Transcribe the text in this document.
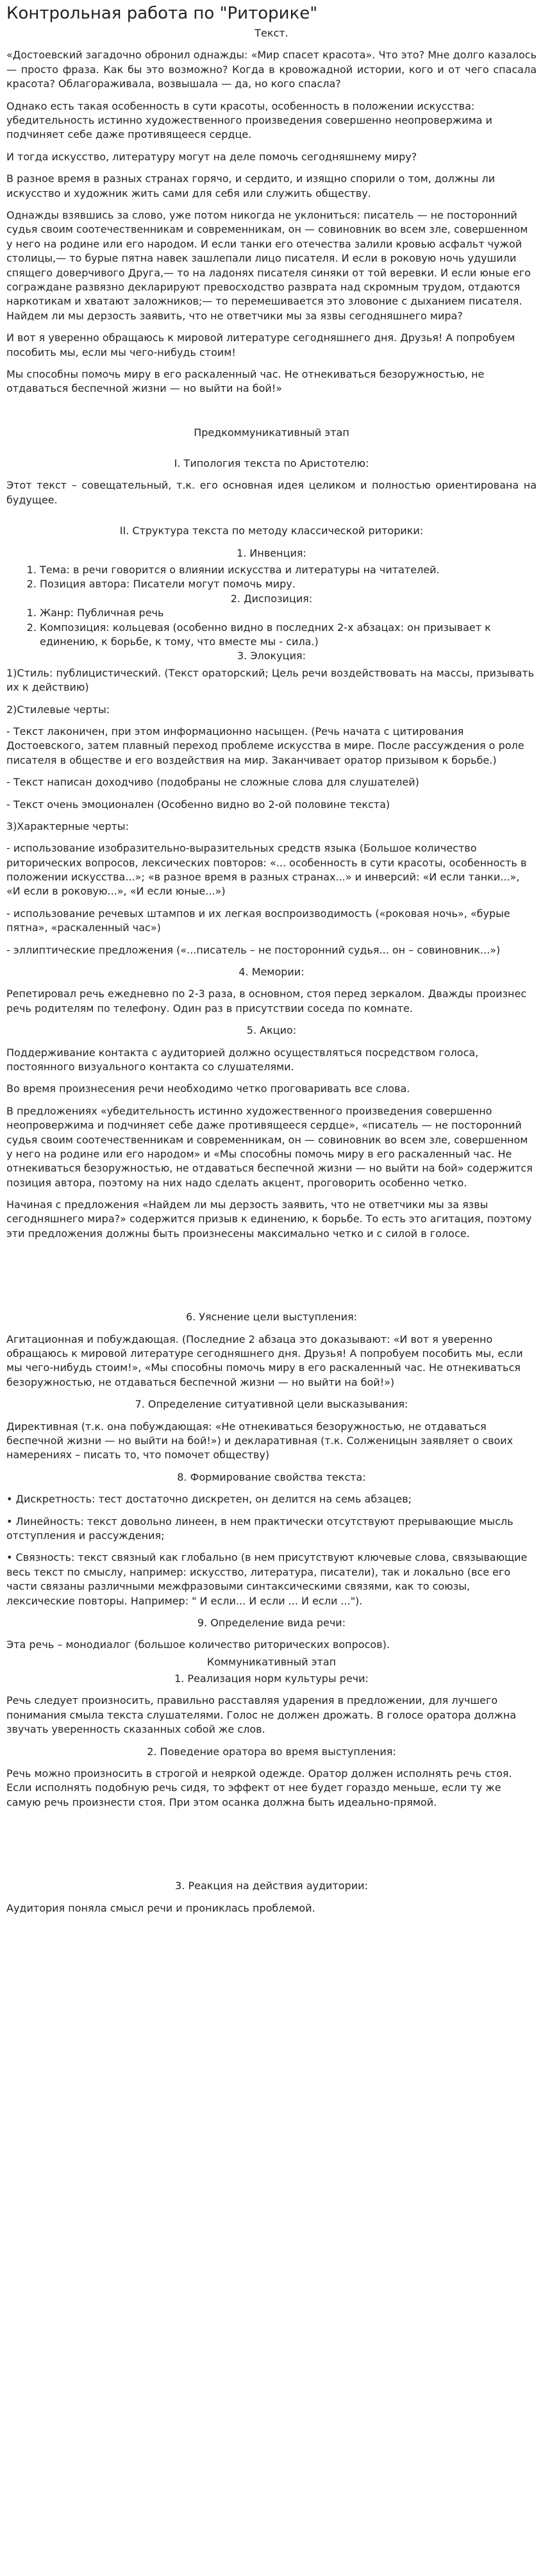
Контрольная работа по "Риторике"

Текст.

«Достоевский загадочно обронил однажды: «Мир спасет красота». Что это? Мне долго казалось — просто фраза. Как бы это возможно? Когда в кровожадной истории, кого и от чего спасала красота? Облагораживала, возвышала — да, но кого спасла?

Однако есть такая особенность в сути красоты, особенность в положении искусства: убедительность истинно художественного произведения совершенно неопровержима и подчиняет себе даже противящееся сердце.

И тогда искусство, литературу могут на деле помочь сегодняшнему миру?

В разное время в разных странах горячо, и сердито, и изящно спорили о том, должны ли искусство и художник жить сами для себя или служить обществу.

Однажды взявшись за слово, уже потом никогда не уклониться: писатель — не посторонний судья своим соотечественникам и современникам, он — совиновник во всем зле, совершенном у него на родине или его народом. И если танки его отечества залили кровью асфальт чужой столицы,— то бурые пятна навек зашлепали лицо писателя. И если в роковую ночь удушили спящего доверчивого Друга,— то на ладонях писателя синяки от той веревки. И если юные его сограждане развязно декларируют превосходство разврата над скромным трудом, отдаются наркотикам и хватают заложников;— то перемешивается это зловоние с дыханием писателя. Найдем ли мы дерзость заявить, что не ответчики мы за язвы сегодняшнего мира?

И вот я уверенно обращаюсь к мировой литературе сегодняшнего дня. Друзья! А попробуем пособить мы, если мы чего-нибудь стоим!

Мы способны помочь миру в его раскаленный час. Не отнекиваться безоружностью, не отдаваться беспечной жизни — но выйти на бой!»

Предкоммуникативный этап

I. Типология текста по Аристотелю:

Этот текст – совещательный, т.к. его основная идея целиком и полностью ориентирована на будущее.

II. Структура текста по методу классической риторики:

1. Инвенция:

1. Тема: в речи говорится о влиянии искусства и литературы на читателей.
2. Позиция автора: Писатели могут помочь миру.

2. Диспозиция:

1. Жанр: Публичная речь
2. Композиция: кольцевая (особенно видно в последних 2-х абзацах: он призывает к единению, к борьбе, к тому, что вместе мы - сила.)

3. Элокуция:

1)Стиль: публицистический. (Текст ораторский; Цель речи воздействовать на массы, призывать их к действию)

2)Стилевые черты:

- Текст лаконичен, при этом информационно насыщен. (Речь начата с цитирования Достоевского, затем плавный переход проблеме искусства в мире. После рассуждения о роле писателя в обществе и его воздействия на мир. Заканчивает оратор призывом к борьбе.)

- Текст написан доходчиво (подобраны не сложные слова для слушателей)

- Текст очень эмоционален (Особенно видно во 2-ой половине текста)

3)Характерные черты:

- использование изобразительно-выразительных средств языка (Большое количество риторических вопросов, лексических повторов: «... особенность в сути красоты, особенность в положении искусства...»; «в разное время в разных странах...» и инверсий: «И если танки...», «И если в роковую...», «И если юные...»)

- использование речевых штампов и их легкая воспроизводимость («роковая ночь», «бурые пятна», «раскаленный час»)

- эллиптические предложения («...писатель – не посторонний судья... он – совиновник...»)

4. Мемории:

Репетировал речь ежедневно по 2-3 раза, в основном, стоя перед зеркалом. Дважды произнес речь родителям по телефону. Один раз в присутствии соседа по комнате.

5. Акцио:

Поддерживание контакта с аудиторией должно осуществляться посредством голоса, постоянного визуального контакта со слушателями.

Во время произнесения речи необходимо четко проговаривать все слова.

В предложениях «убедительность истинно художественного произведения совершенно неопровержима и подчиняет себе даже противящееся сердце», «писатель — не посторонний судья своим соотечественникам и современникам, он — совиновник во всем зле, совершенном у него на родине или его народом» и «Мы способны помочь миру в его раскаленный час. Не отнекиваться безоружностью, не отдаваться беспечной жизни — но выйти на бой» содержится позиция автора, поэтому на них надо сделать акцент, проговорить особенно четко.

Начиная с предложения «Найдем ли мы дерзость заявить, что не ответчики мы за язвы сегодняшнего мира?» содержится призыв к единению, к борьбе. То есть это агитация, поэтому эти предложения должны быть произнесены максимально четко и с силой в голосе.

6. Уяснение цели выступления:

Агитационная и побуждающая. (Последние 2 абзаца это доказывают: «И вот я уверенно обращаюсь к мировой литературе сегодняшнего дня. Друзья! А попробуем пособить мы, если мы чего-нибудь стоим!», «Мы способны помочь миру в его раскаленный час. Не отнекиваться безоружностью, не отдаваться беспечной жизни — но выйти на бой!»)

7. Определение ситуативной цели высказывания:

Директивная (т.к. она побуждающая: «Не отнекиваться безоружностью, не отдаваться беспечной жизни — но выйти на бой!») и декларативная (т.к. Солженицын заявляет о своих намерениях – писать то, что помочет обществу)

8. Формирование свойства текста:

• Дискретность: тест достаточно дискретен, он делится на семь абзацев;

• Линейность: текст довольно линеен, в нем практически отсутствуют прерывающие мысль отступления и рассуждения;

• Связность: текст связный как глобально (в нем присутствуют ключевые слова, связывающие весь текст по смыслу, например: искусство, литература, писатели), так и локально (все его части связаны различными межфразовыми синтаксическими связями, как то союзы, лексические повторы. Например: " И если... И если ... И если ...").

9. Определение вида речи:

Эта речь – монодиалог (большое количество риторических вопросов).

Коммуникативный этап

1. Реализация норм культуры речи:

Речь следует произносить, правильно расставляя ударения в предложении, для лучшего понимания смыла текста слушателями. Голос не должен дрожать. В голосе оратора должна звучать уверенность сказанных собой же слов.

2. Поведение оратора во время выступления:

Речь можно произносить в строгой и неяркой одежде. Оратор должен исполнять речь стоя. Если исполнять подобную речь сидя, то эффект от нее будет гораздо меньше, если ту же самую речь произнести стоя. При этом осанка должна быть идеально-прямой.

3. Реакция на действия аудитории:

Аудитория поняла смысл речи и прониклась проблемой.
